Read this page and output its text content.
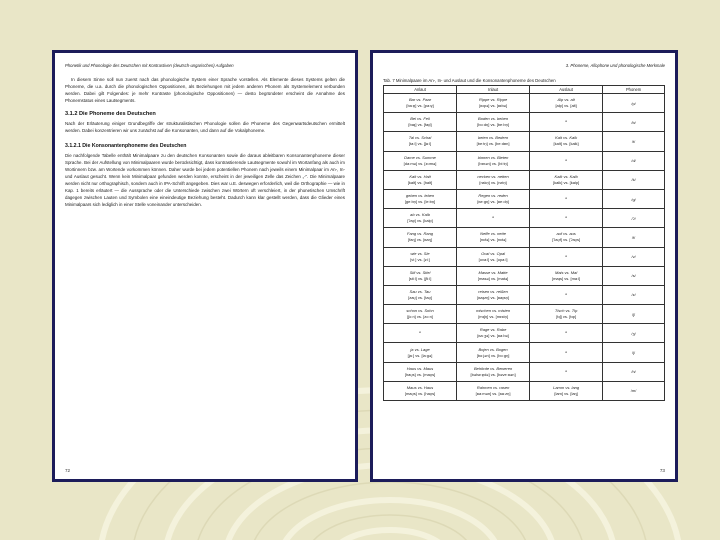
Phonetik und Phonologie des Deutschen mit Kontrastiven (deutsch-ungarischen) Aufgaben

In diesem Sinne soll nun zuerst nach das phonologische System einer Sprache vorstellen. Als Elemente dieses Systems gelten die Phoneme, die u.a. durch die phonologischen Oppositionen, als Beziehungen mit jedem anderen Phonem als Systemelement verbunden werden. Dabei gilt Folgendes: je mehr Kontraste (phonologische Oppositionen) — desto begründeter erscheint die Annahme des Phonemstatus eines Lautsegments.

3.1.2 Die Phoneme des Deutschen

Nach der Erläuterung einiger Grundbegriffe der strukturalistischen Phonologie sollen die Phoneme des Gegenwartsdeutschen ermittelt werden. Dabei konzentrieren wir uns zunächst auf die Konsonanten, und dann auf die Vokalphoneme.

3.1.2.1 Die Konsonantenphoneme des Deutschen

Die nachfolgende Tabelle enthält Minimalpaare zu den deutschen Konsonanten sowie die daraus ableitbaren Konsonantenphoneme dieser Sprache. Bei der Aufstellung von Minimalpaaren wurde berücksichtigt, dass kontrastierende Lautsegmente sowohl im Wortanfang als auch im Wortinnern bzw. am Wortende vorkommen können. Daher wurde bei jedem potentiellen Phonem nach jeweils einem Minimalpaar im An-, In- und Auslaut gesucht. Wenn kein Minimalpaar gefunden werden konnte, erscheint in der jeweiligen Zelle das Zeichen „-“. Die Minimalpaare werden nicht nur orthographisch, sondern auch in IPA-Schrift angegeben. Dies war u.E. deswegen erforderlich, weil die Orthographie — wie in Kap. 1 bereits erläutert — die Aussprache oder die Unterschiede zwischen zwei Wörtern oft verschleiert, in der phonetischen Umschrift dagegen zwischen Lauten und Symbolen eine eineindeutige Beziehung besteht. Dadurch kann klar gestellt werden, dass die Glieder eines Minimalpaars sich lediglich in einer Stelle voneinander unterscheiden.

72
3. Phoneme, Allophone und phonologische Merkmale
Tab. 7 Minimalpaare im An-, In- und Auslaut und die Konsonantenphoneme des Deutschen
Anlaut	Inlaut	Auslaut	Phonem

Bar vs. Paar
[baːɐ̯] vs. [paːɐ̯]	Rippe vs. Rippe
[ʁɪpə] vs. [ʁɪbə]	Alp vs. alt
[alp] vs. [alt]	/p/

Bei vs. Feil
[baɪ̯] vs. [faɪ̯l]	Boden vs. beben
[boːdn̩] vs. [beːbn̩]	-	/b/

Tal vs. Schal
[taːl] vs. [ʃaːl]	beten vs. Bedern
[beːtn̩] vs. [beːdɐn]	Kalt vs. Kalk
[kalt] vs. [kalk]	/t/

Dame vs. Summe
[daːmə] vs. [zʊmə]	binnen vs. Bieten
[bɪnən] vs. [biːtn̩]	-	/d/

Kalt vs. Halt
[kalt] vs. [halt]	necken vs. netten
[nɛkn̩] vs. [nɛtn̩]	Kalk vs. Kalb
[kalk] vs. [kalp]	/k/

geben vs. leben
[geːbn̩] vs. [leːbn̩]	Regen vs. reden
[ʁeːgn̩] vs. [ʁeːdn̩]	-	/g/

ab vs. Kalb
[ʔap] vs. [kalp]	-	-	/ʔ/

Fang vs. Rang
[faŋ] vs. [ʁaŋ]	Neffe vs. nette
[nɛfə] vs. [nɛtə]	auf vs. aus
[ʔaʊ̯f] vs. [ʔaʊ̯s]	/f/

wie vs. Sie
[viː] vs. [ziː]	Oval vs. Opal
[ovaːl] vs. [opaːl]	-	/v/

Stil vs. Stiel
[stiːl] vs. [ʃtiːl]	Masse vs. Matte
[masə] vs. [matə]	Mais vs. Mal
[maɪ̯s] vs. [maːl]	/s/

Sau vs. Tau
[zaʊ̯] vs. [taʊ̯]	reisen vs. reißen
[ʁaɪ̯zn̩] vs. [ʁaɪ̯sn̩]	-	/z/

schon vs. Sohn
[ʃoːn] vs. [zoːn]	mischen vs. misten
[mɪʃn̩] vs. [mɪstn̩]	Tisch vs. Tip
[tɪʃ] vs. [tɪp]	/ʃ/

-	Rage vs. Rabe
[ʁaːʒə] vs. [ʁaːbə]	-	/ʒ/

ja vs. Lage
[jaː] vs. [laːgə]	Bojen vs. Bogen
[boːjən] vs. [boːgn̩]	-	/j/

Haus vs. Maus
[haʊ̯s] vs. [maʊ̯s]	Behörde vs. Beweren
[bəhøːɐ̯də] vs. [bəveːʁən]	-	/h/

Maus vs. Haus
[maʊ̯s] vs. [haʊ̯s]	Rahmen vs. rasen
[ʁaːmən] vs. [ʁaːzn̩]	Lamm vs. lang
[lam] vs. [laŋ]	/m/
73
